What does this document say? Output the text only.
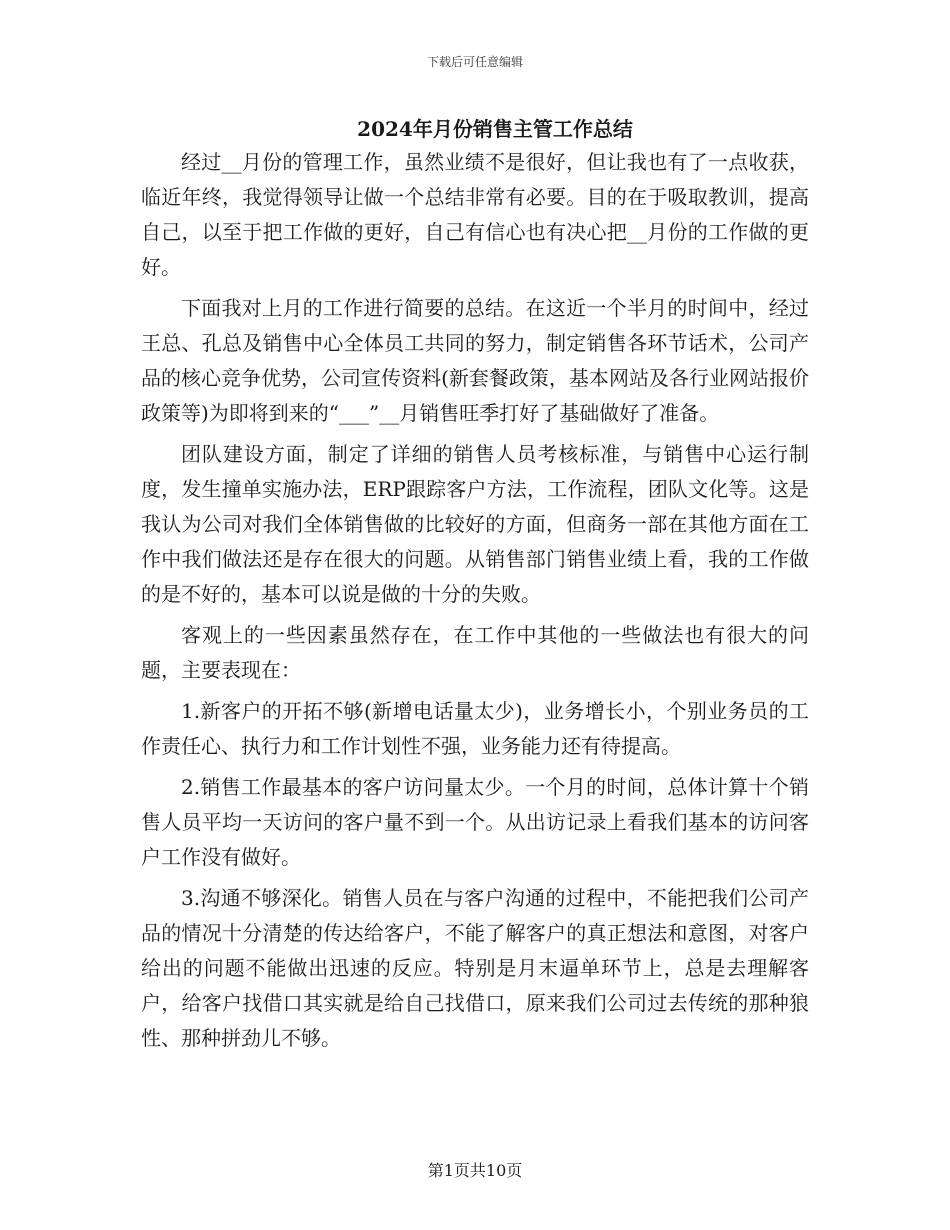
下载后可任意编辑
2024年月份销售主管工作总结

经过__月份的管理工作，虽然业绩不是很好，但让我也有了一点收获，临近年终，我觉得领导让做一个总结非常有必要。目的在于吸取教训，提高自己，以至于把工作做的更好，自己有信心也有决心把__月份的工作做的更好。

下面我对上月的工作进行简要的总结。在这近一个半月的时间中，经过王总、孔总及销售中心全体员工共同的努力，制定销售各环节话术，公司产品的核心竞争优势，公司宣传资料(新套餐政策，基本网站及各行业网站报价政策等)为即将到来的“___”__月销售旺季打好了基础做好了准备。

团队建设方面，制定了详细的销售人员考核标准，与销售中心运行制度，发生撞单实施办法，ERP跟踪客户方法，工作流程，团队文化等。这是我认为公司对我们全体销售做的比较好的方面，但商务一部在其他方面在工作中我们做法还是存在很大的问题。从销售部门销售业绩上看，我的工作做的是不好的，基本可以说是做的十分的失败。

客观上的一些因素虽然存在，在工作中其他的一些做法也有很大的问题，主要表现在：

1.新客户的开拓不够(新增电话量太少)，业务增长小，个别业务员的工作责任心、执行力和工作计划性不强，业务能力还有待提高。

2.销售工作最基本的客户访问量太少。一个月的时间，总体计算十个销售人员平均一天访问的客户量不到一个。从出访记录上看我们基本的访问客户工作没有做好。

3.沟通不够深化。销售人员在与客户沟通的过程中，不能把我们公司产品的情况十分清楚的传达给客户，不能了解客户的真正想法和意图，对客户给出的问题不能做出迅速的反应。特别是月末逼单环节上，总是去理解客户，给客户找借口其实就是给自己找借口，原来我们公司过去传统的那种狼性、那种拼劲儿不够。

第1页共10页
